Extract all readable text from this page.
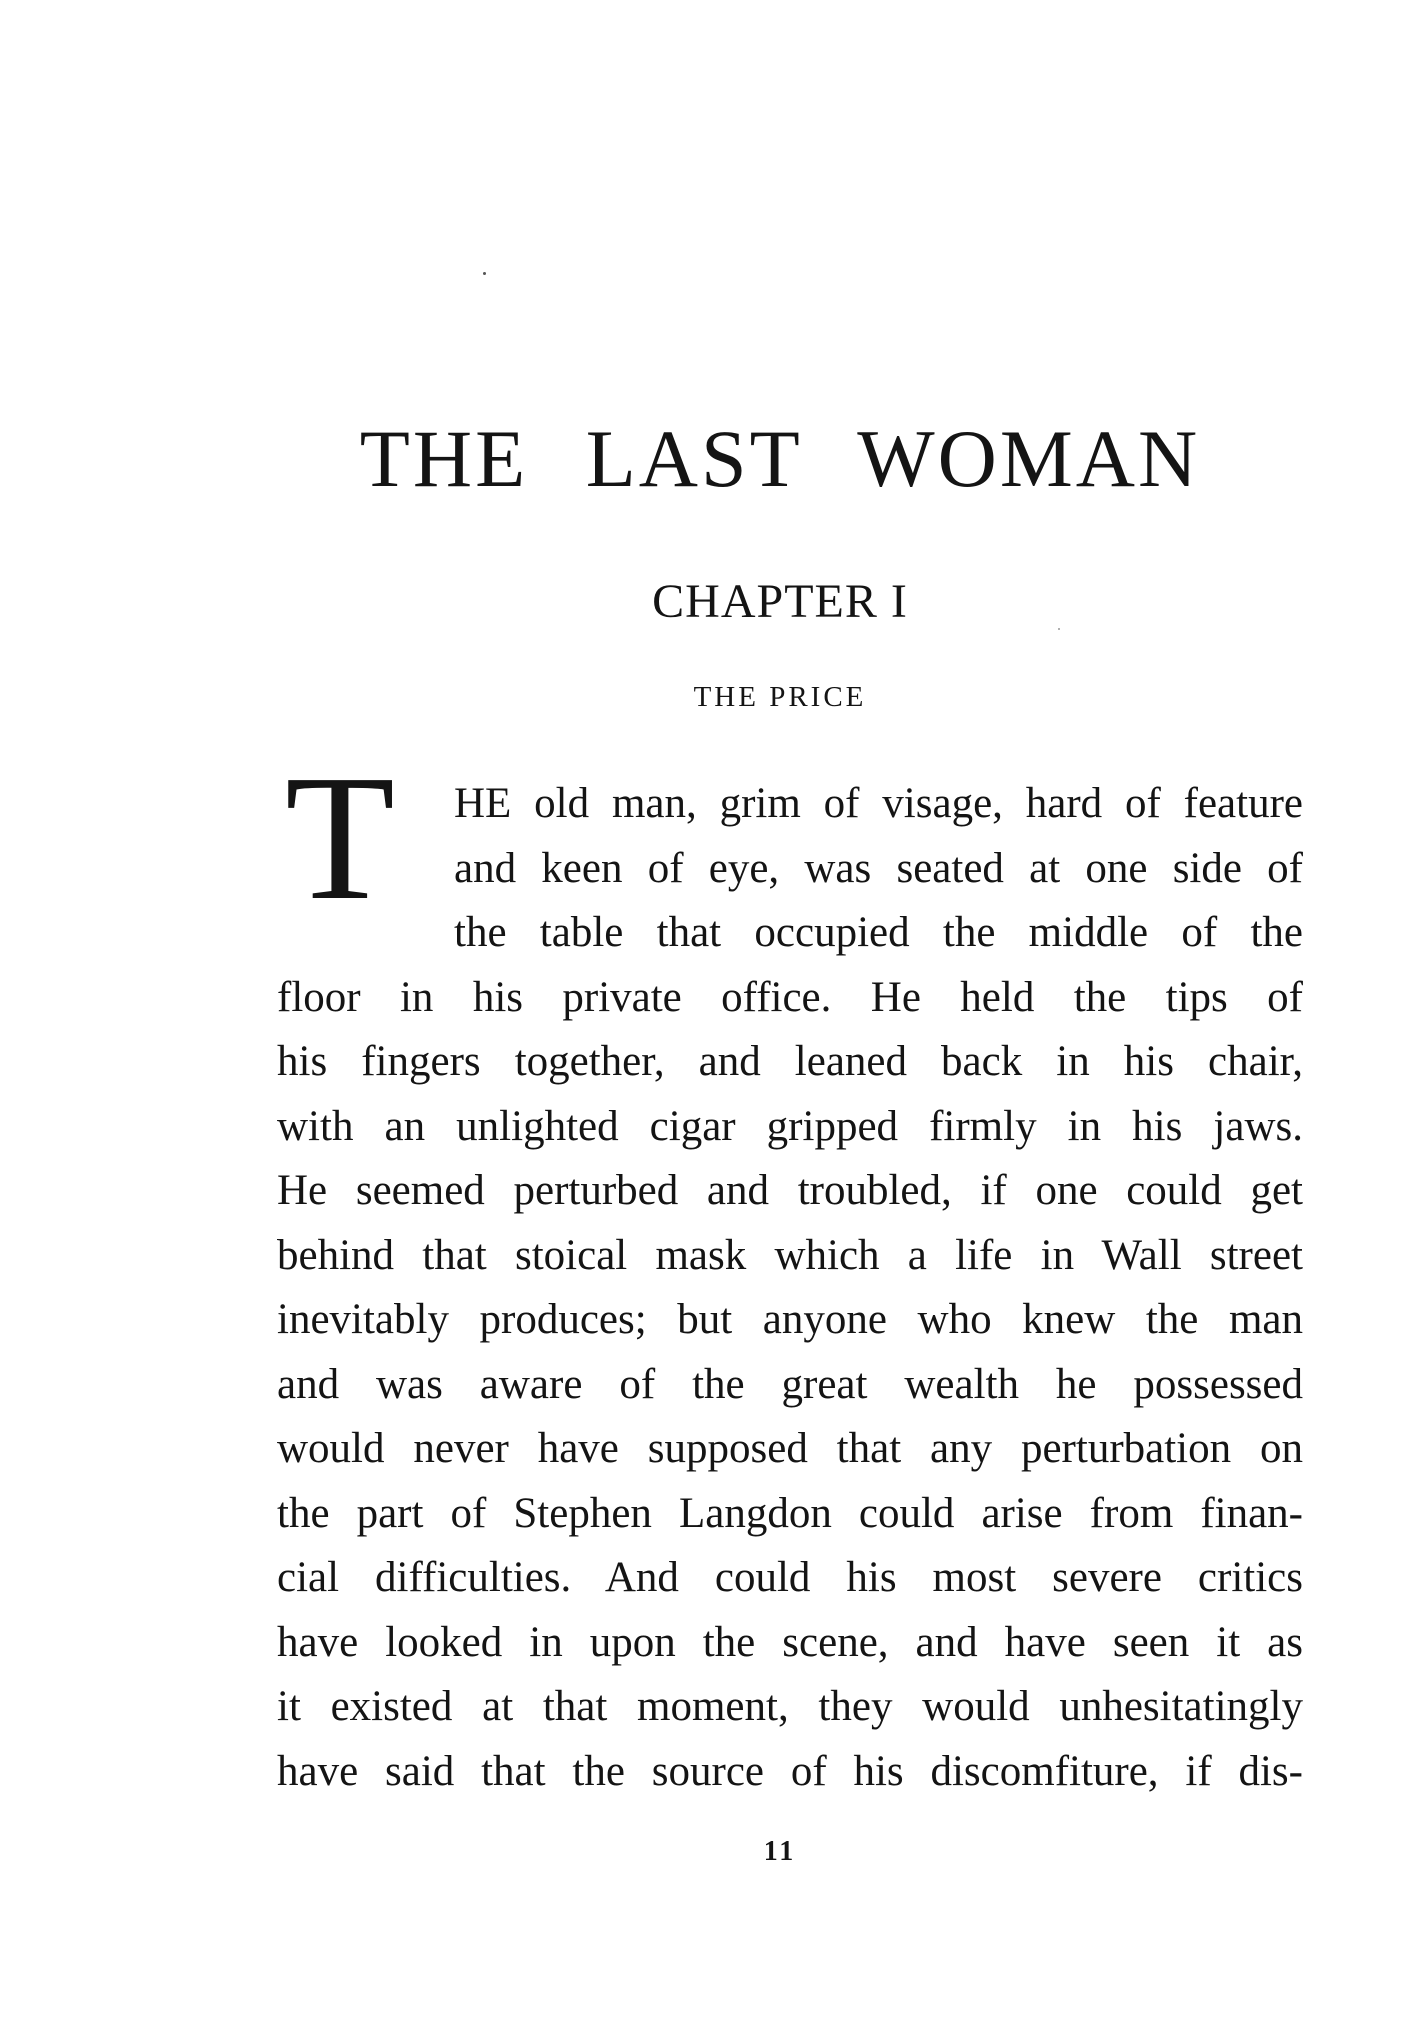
THE LAST WOMAN
CHAPTER I
THE PRICE
T HE old man, grim of visage, hard of feature
and keen of eye, was seated at one side of
the table that occupied the middle of the
floor in his private office. He held the tips of
his fingers together, and leaned back in his chair,
with an unlighted cigar gripped firmly in his jaws.
He seemed perturbed and troubled, if one could get
behind that stoical mask which a life in Wall street
inevitably produces; but anyone who knew the man
and was aware of the great wealth he possessed
would never have supposed that any perturbation on
the part of Stephen Langdon could arise from finan-
cial difficulties. And could his most severe critics
have looked in upon the scene, and have seen it as
it existed at that moment, they would unhesitatingly
have said that the source of his discomfiture, if dis-
11
